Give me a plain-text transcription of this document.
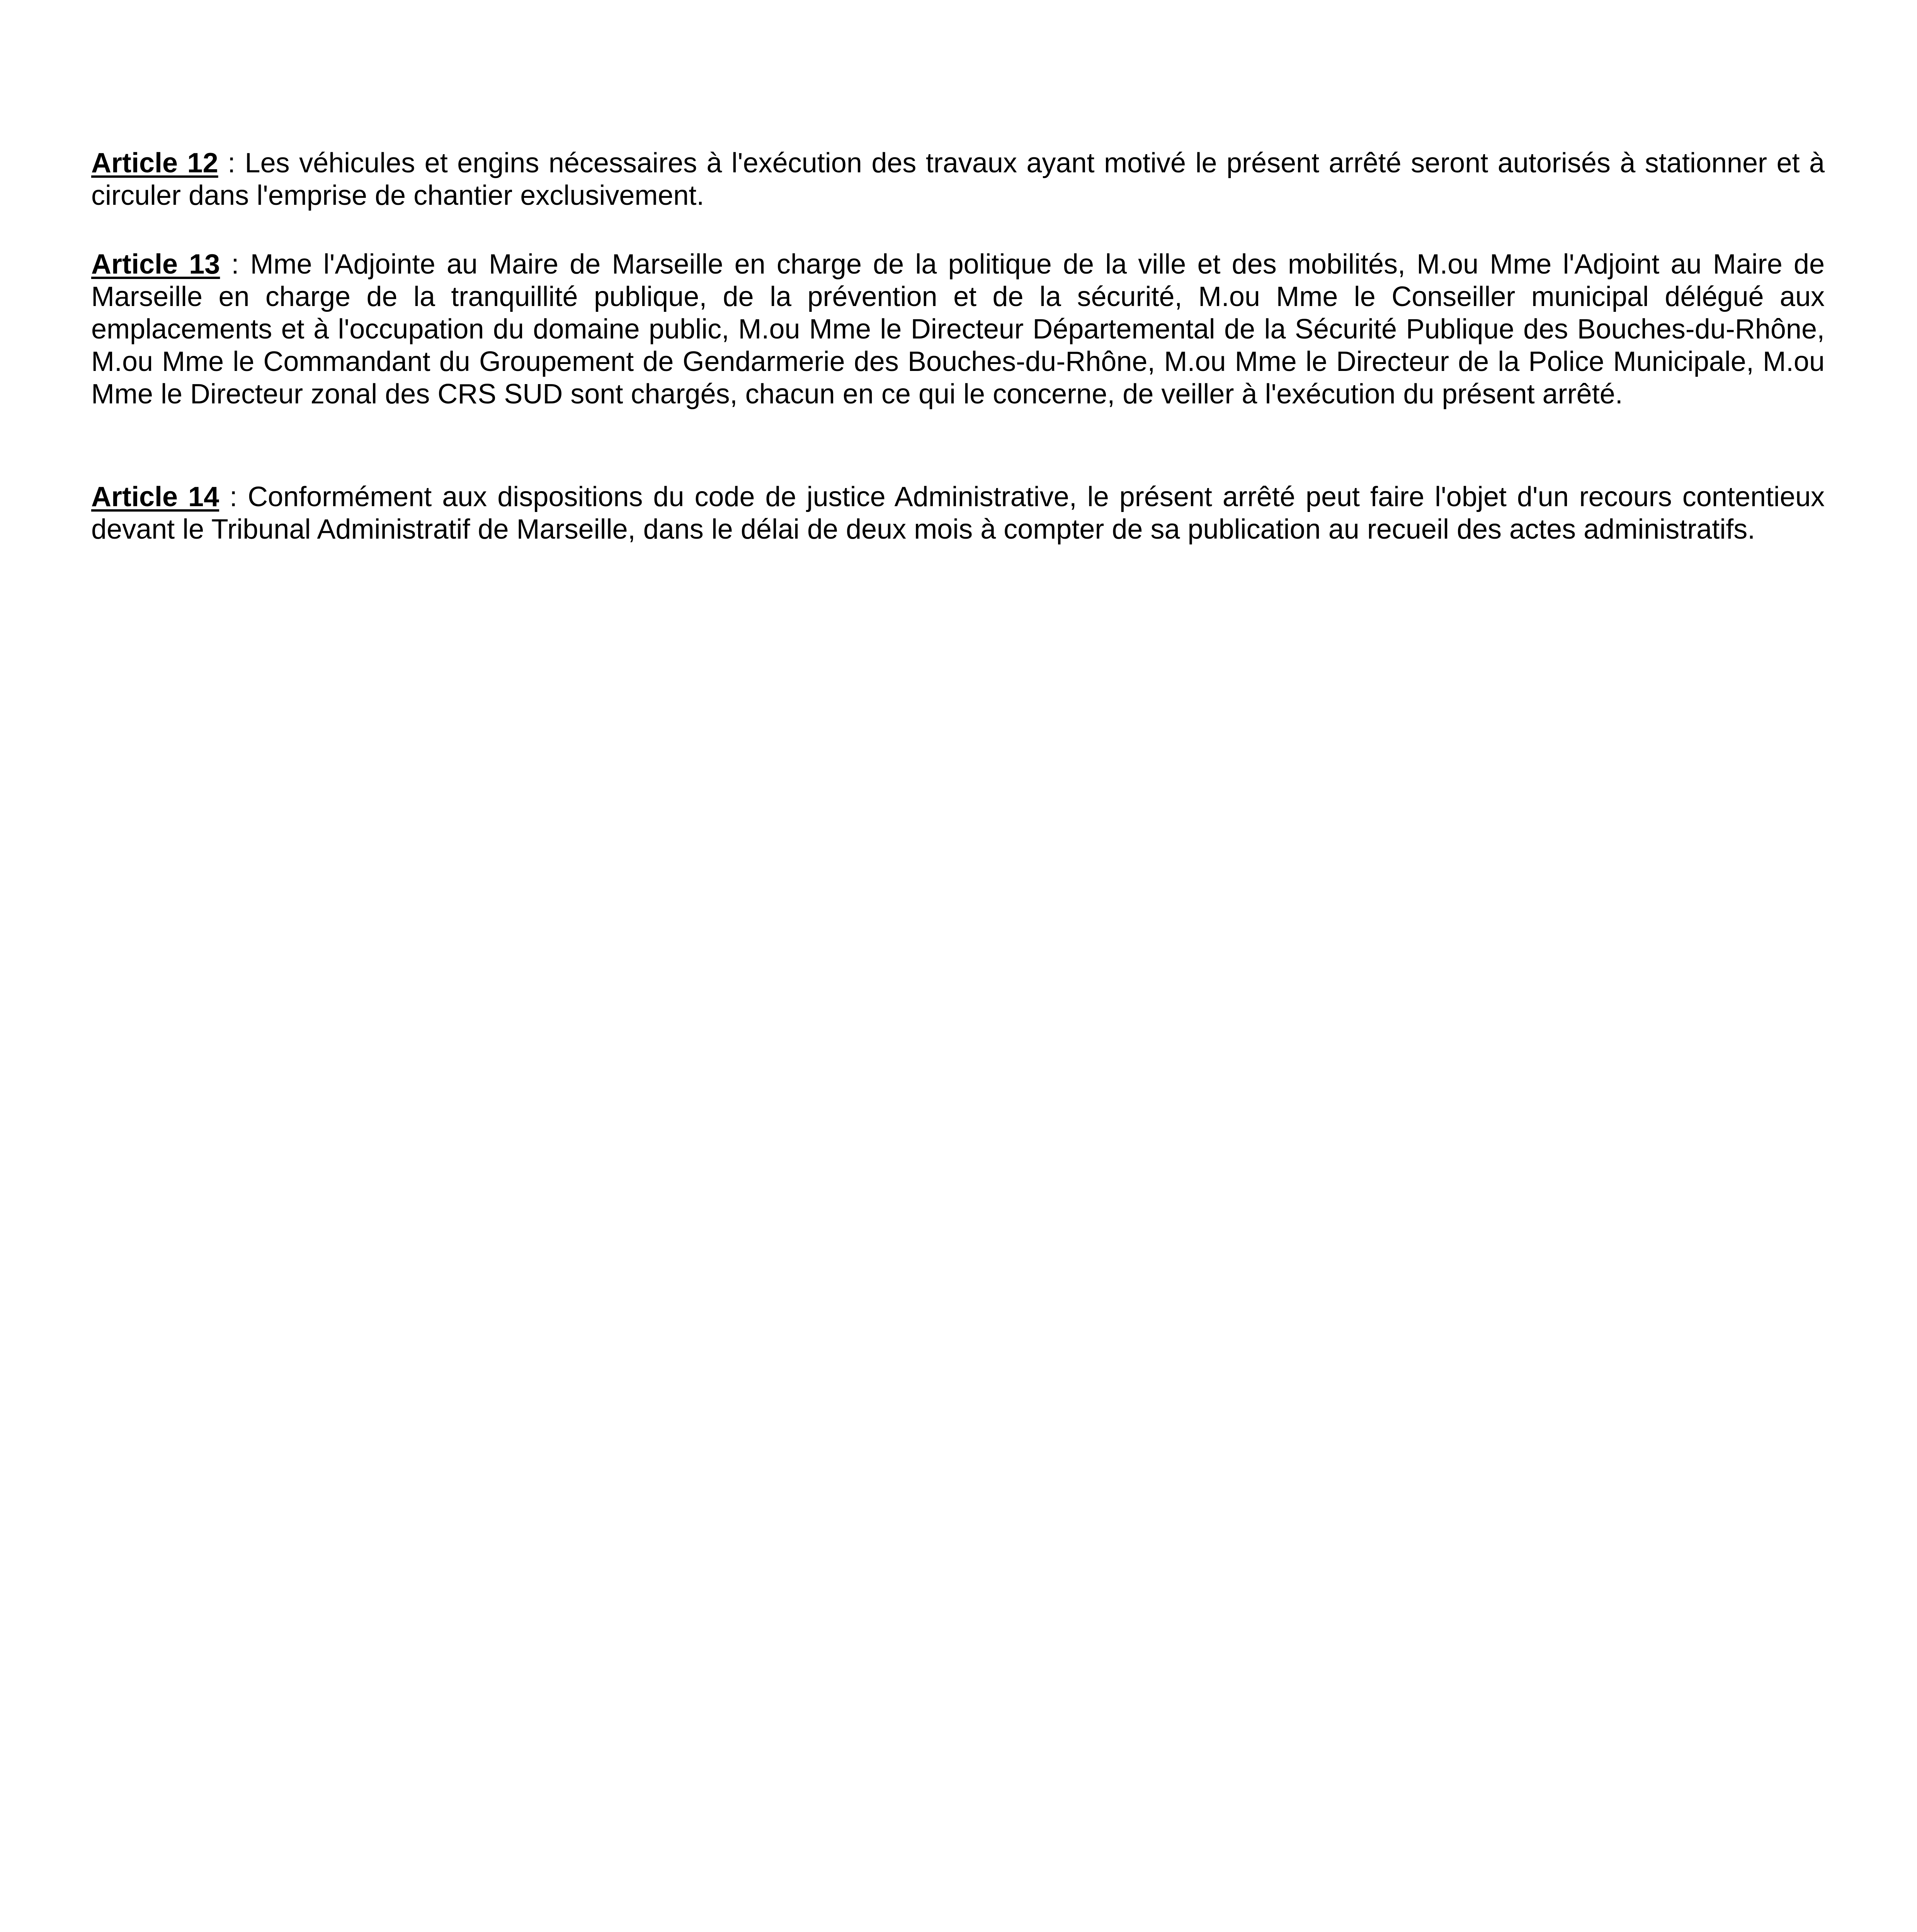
Article 12 : Les véhicules et engins nécessaires à l'exécution des travaux ayant motivé le présent arrêté seront autorisés à stationner et à circuler dans l'emprise de chantier exclusivement.

Article 13 : Mme l'Adjointe au Maire de Marseille en charge de la politique de la ville et des mobilités, M.ou Mme l'Adjoint au Maire de Marseille en charge de la tranquillité publique, de la prévention et de la sécurité, M.ou Mme le Conseiller municipal délégué aux emplacements et à l'occupation du domaine public, M.ou Mme le Directeur Départemental de la Sécurité Publique des Bouches-du-Rhône, M.ou Mme le Commandant du Groupement de Gendarmerie des Bouches-du-Rhône, M.ou Mme le Directeur de la Police Municipale, M.ou Mme le Directeur zonal des CRS SUD sont chargés, chacun en ce qui le concerne, de veiller à l'exécution du présent arrêté.

Article 14 : Conformément aux dispositions du code de justice Administrative, le présent arrêté peut faire l'objet d'un recours contentieux devant le Tribunal Administratif de Marseille, dans le délai de deux mois à compter de sa publication au recueil des actes administratifs.
